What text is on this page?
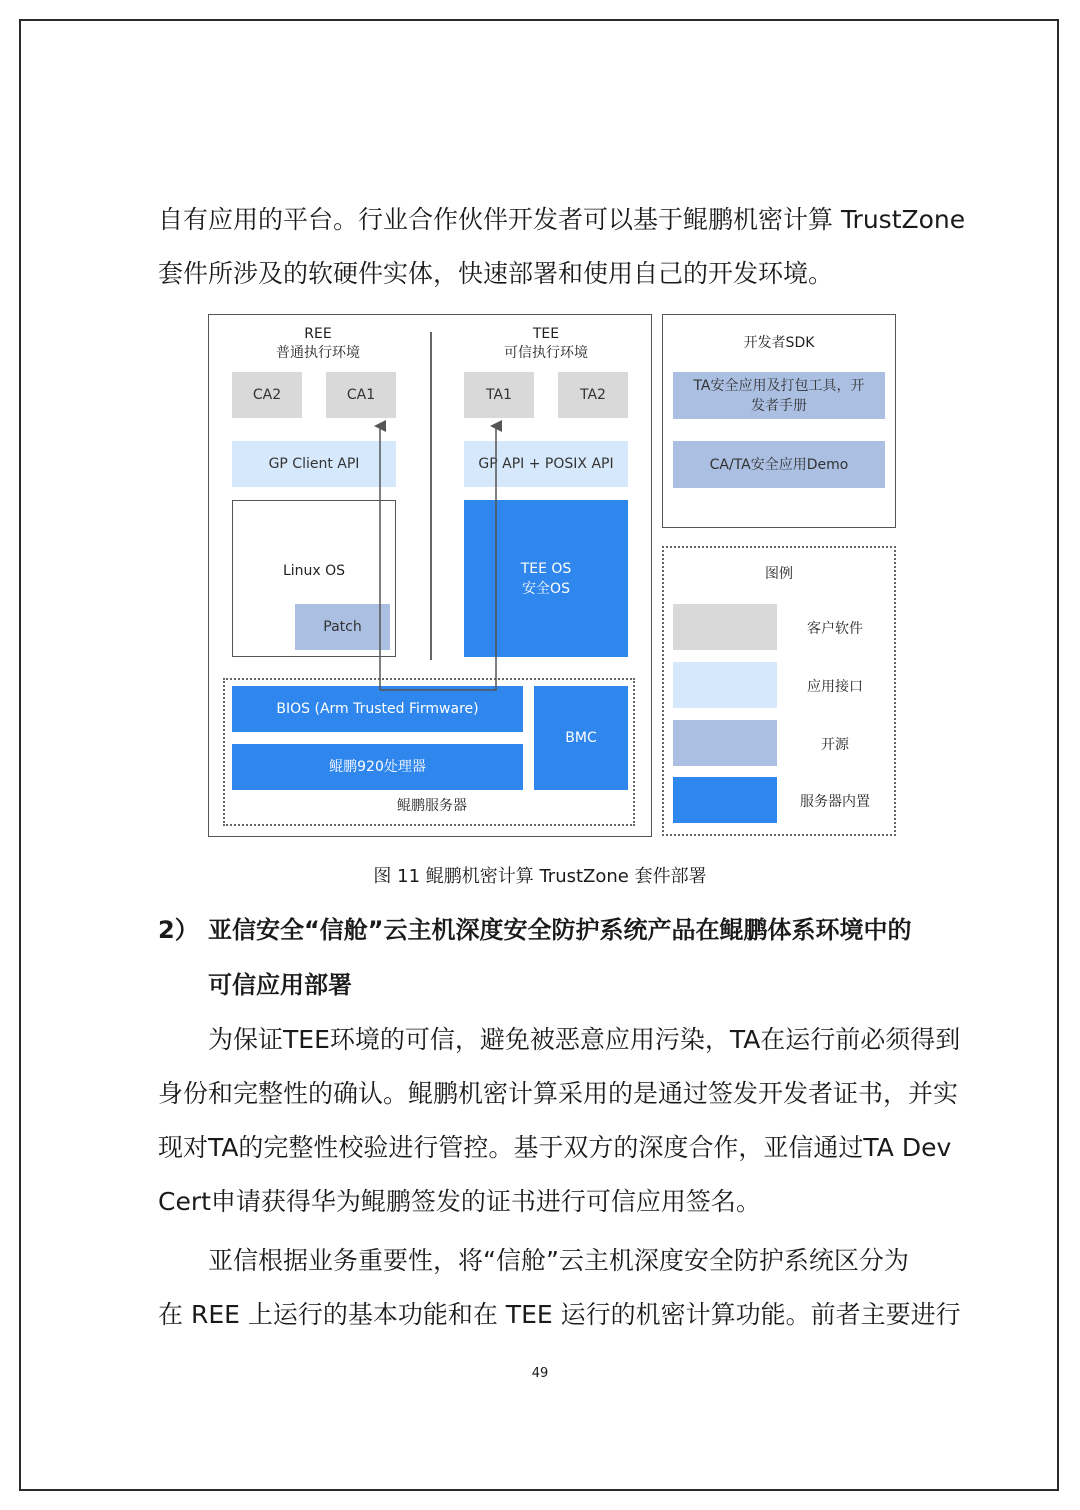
自有应用的平台。行业合作伙伴开发者可以基于鲲鹏机密计算 TrustZone
套件所涉及的软硬件实体，快速部署和使用自己的开发环境。
REE
普通执行环境
TEE
可信执行环境
CA2	CA1	TA1	TA2
GP Client API	GP API + POSIX API
Linux OS
Patch
TEE OS
安全OS
BIOS (Arm Trusted Firmware)
鲲鹏920处理器
BMC
鲲鹏服务器
开发者SDK
TA安全应用及打包工具，开
发者手册
CA/TA安全应用Demo
图例
客户软件
应用接口
开源
服务器内置
图 11 鲲鹏机密计算 TrustZone 套件部署
2） 亚信安全“信舱”云主机深度安全防护系统产品在鲲鹏体系环境中的
可信应用部署
为保证TEE环境的可信，避免被恶意应用污染，TA在运行前必须得到
身份和完整性的确认。鲲鹏机密计算采用的是通过签发开发者证书，并实
现对TA的完整性校验进行管控。基于双方的深度合作，亚信通过TA Dev
Cert申请获得华为鲲鹏签发的证书进行可信应用签名。
亚信根据业务重要性，将“信舱”云主机深度安全防护系统区分为
在 REE 上运行的基本功能和在 TEE 运行的机密计算功能。前者主要进行
49
